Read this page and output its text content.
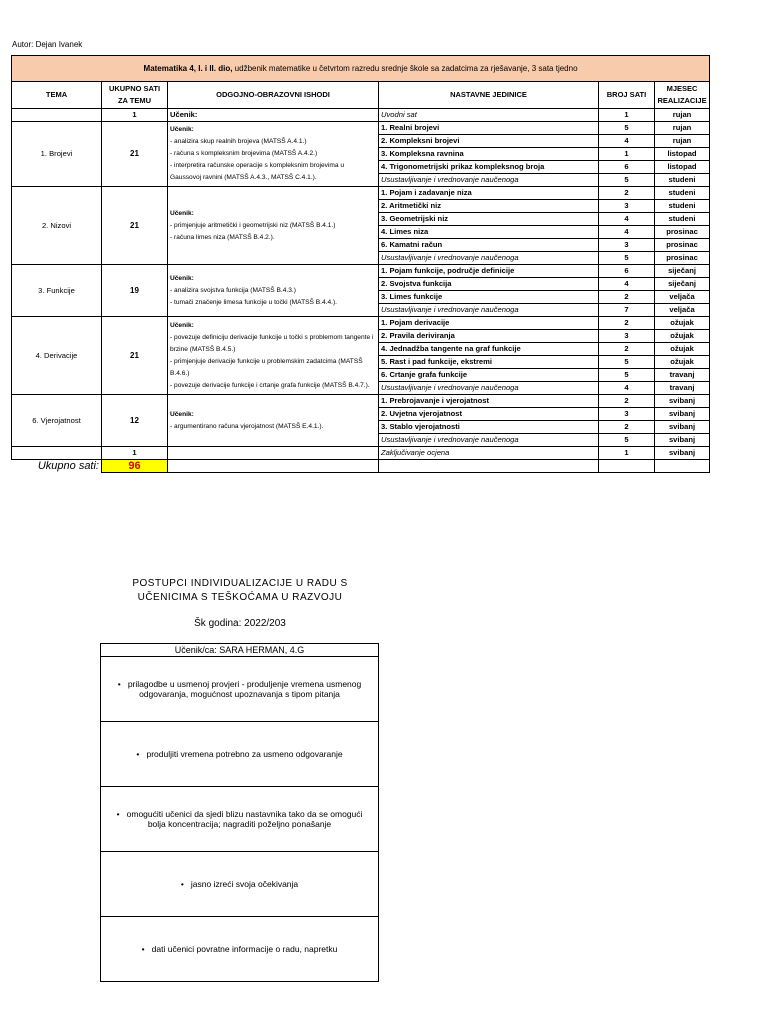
Autor: Dejan Ivanek
Matematika 4, I. i II. dio, udžbenik matematike u četvrtom razredu srednje škole sa zadatcima za rješavanje, 3 sata tjedno					
TEMA	UKUPNO SATI ZA TEMU	ODGOJNO-OBRAZOVNI ISHODI	NASTAVNE JEDINICE	BROJ SATI	MJESEC REALIZACIJE
	1	Učenik:	Uvodni sat	1	rujan
1. Brojevi	21	Učenik:
- analizira skup realnih brojeva (MATSŠ A.4.1.)
- računa s kompleksnim brojevima (MATSŠ A.4.2.)
- interpretira računske operacije s kompleksnim brojevima u Gaussovoj ravnini (MATSŠ A.4.3., MATSŠ C.4.1.).	1. Realni brojevi	5	rujan
			2. Kompleksni brojevi	4	rujan
			3. Kompleksna ravnina	1	listopad
			4. Trigonometrijski prikaz kompleksnog broja	6	listopad
			Usustavljivanje i vrednovanje naučenoga	5	studeni
2. Nizovi	21	Učenik:
- primjenjuje aritmetički i geometrijski niz (MATSŠ B.4.1.)
- računa limes niza (MATSŠ B.4.2.).	1. Pojam i zadavanje niza	2	studeni
			2. Aritmetički niz	3	studeni
			3. Geometrijski niz	4	studeni
			4. Limes niza	4	prosinac
			6. Kamatni račun	3	prosinac
			Usustavljivanje i vrednovanje naučenoga	5	prosinac
3. Funkcije	19	Učenik:
- analizira svojstva funkcija (MATSŠ B.4.3.)
- tumači značenje limesa funkcije u točki (MATSŠ B.4.4.).	1. Pojam funkcije, područje definicije	6	siječanj
			2. Svojstva funkcija	4	siječanj
			3. Limes funkcije	2	veljača
			Usustavljivanje i vrednovanje naučenoga	7	veljača
4. Derivacije	21	Učenik:
- povezuje definiciju derivacije funkcije u točki s problemom tangente i brzine (MATSŠ B.4.5.)
- primjenjuje derivacije funkcije u problemskim zadatcima (MATSŠ B.4.6.)
- povezuje derivacije funkcije i crtanje grafa funkcije (MATSŠ B.4.7.).	1. Pojam derivacije	2	ožujak
			2. Pravila deriviranja	3	ožujak
			4. Jednadžba tangente na graf funkcije	2	ožujak
			5. Rast i pad funkcije, ekstremi	5	ožujak
			6. Crtanje grafa funkcije	5	travanj
			Usustavljivanje i vrednovanje naučenoga	4	travanj
6. Vjerojatnost	12	Učenik:
- argumentirano računa vjerojatnost (MATSŠ E.4.1.).	1. Prebrojavanje i vjerojatnost	2	svibanj
			2. Uvjetna vjerojatnost	3	svibanj
			3. Stablo vjerojatnosti	2	svibanj
			Usustavljivanje i vrednovanje naučenoga	5	svibanj
	1		Zaključivanje ocjena	1	svibanj
Ukupno sati:	96				
POSTUPCI INDIVIDUALIZACIJE U RADU S
UČENICIMA S TEŠKOĆAMA U RAZVOJU
Šk godina: 2022/203
Učenik/ca: SARA HERMAN, 4.G
•   prilagodbe u usmenoj provjeri - produljenje vremena usmenog odgovaranja, mogućnost upoznavanja s tipom pitanja
•   produljiti vremena potrebno za usmeno odgovaranje
•   omogućiti učenici da sjedi blizu nastavnika tako da se omogući bolja koncentracija; nagraditi poželjno ponašanje
•   jasno izreći svoja očekivanja
•   dati učenici povratne informacije o radu, napretku
